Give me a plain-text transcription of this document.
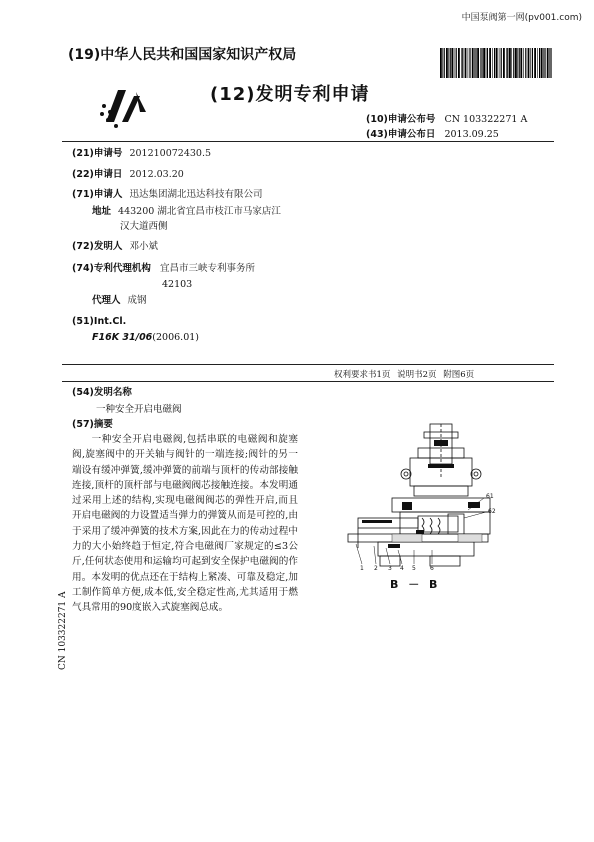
中国泵阀第一网(pv001.com)
(19)中华人民共和国国家知识产权局
(12)发明专利申请
(10)申请公布号 CN 103322271 A
(43)申请公布日 2013.09.25
(21)申请号 201210072430.5
(22)申请日 2012.03.20
(71)申请人 迅达集团湖北迅达科技有限公司
地址 443200 湖北省宜昌市枝江市马家店江
汉大道西侧
(72)发明人 邓小斌
(74)专利代理机构 宜昌市三峡专利事务所
42103
代理人 成钢
(51)Int.Cl.
F16K 31/06(2006.01)
权利要求书1页 说明书2页 附图6页
(54)发明名称
一种安全开启电磁阀
(57)摘要
一种安全开启电磁阀,包括串联的电磁阀和旋塞阀,旋塞阀中的开关轴与阀针的一端连接;阀针的另一端设有缓冲弹簧,缓冲弹簧的前端与顶杆的传动部接触连接,顶杆的顶杆部与电磁阀阀芯接触连接。本发明通过采用上述的结构,实现电磁阀阀芯的弹性开启,而且开启电磁阀的力设置适当弹力的弹簧从而是可控的,由于采用了缓冲弹簧的技术方案,因此在力的传动过程中力的大小始终趋于恒定,符合电磁阀厂家规定的≤3公斤,任何状态使用和运输均可起到安全保护电磁阀的作用。本发明的优点还在于结构上紧凑、可靠及稳定,加工制作简单方便,成本低,安全稳定性高,尤其适用于燃气具常用的90度嵌入式旋塞阀总成。
CN 103322271 A
61
62
1 2 3 4 5 6
B － B
